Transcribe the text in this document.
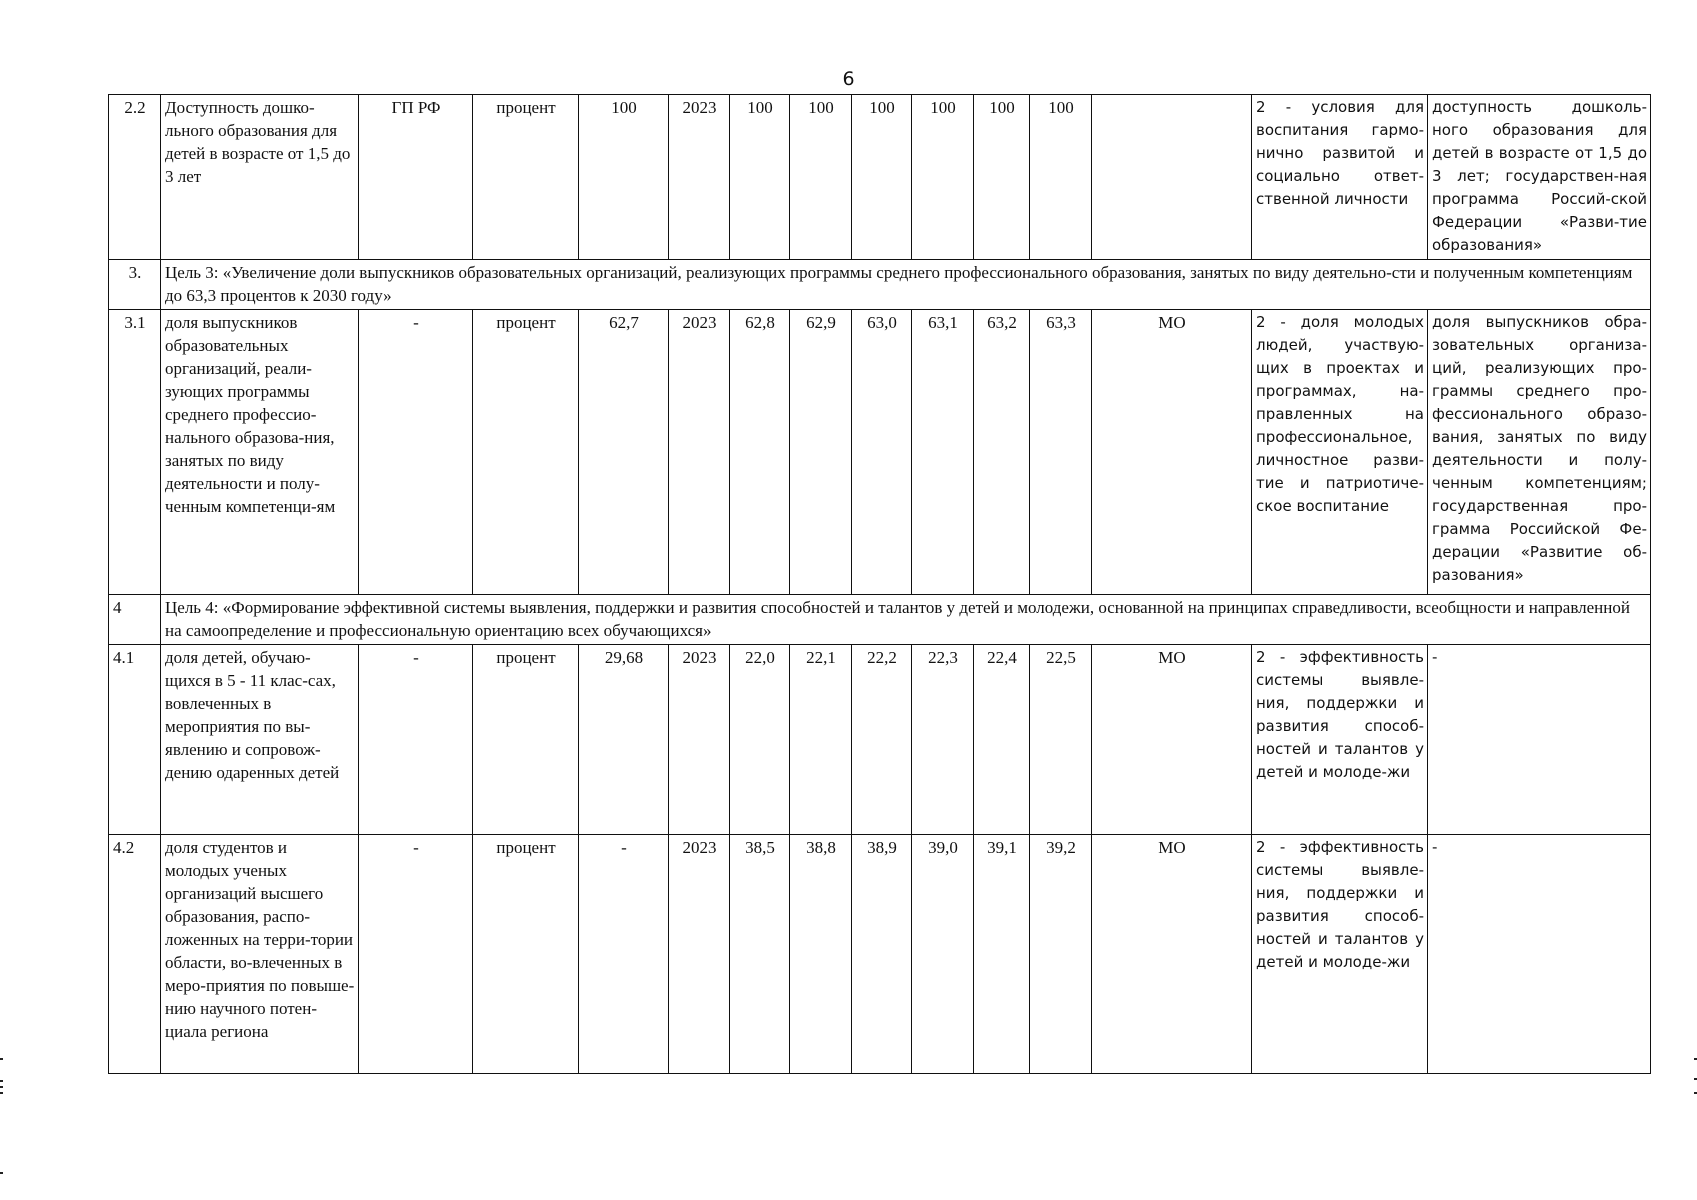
6
2.2	Доступность дошко-льного образования для детей в возрасте от 1,5 до 3 лет	ГП РФ	процент	100	2023	100	100	100	100	100	100		2 - условия для воспитания гармо-нично развитой и социально ответ-ственной личности	доступность дошколь-ного образования для детей в возрасте от 1,5 до 3 лет; государствен-ная программа Россий-ской Федерации «Разви-тие образования»
3.	Цель 3: «Увеличение доли выпускников образовательных организаций, реализующих программы среднего профессионального образования, занятых по виду деятельно-сти и полученным компетенциям до 63,3 процентов к 2030 году»													
3.1	доля выпускников образовательных организаций, реали-зующих программы среднего профессио-нального образова-ния, занятых по виду деятельности и полу-ченным компетенци-ям	-	процент	62,7	2023	62,8	62,9	63,0	63,1	63,2	63,3	МО	2 - доля молодых людей, участвую-щих в проектах и программах, на-правленных на профессиональное, личностное разви-тие и патриотиче-ское воспитание	доля выпускников обра-зовательных организа-ций, реализующих про-граммы среднего про-фессионального образо-вания, занятых по виду деятельности и полу-ченным компетенциям; государственная про-грамма Российской Фе-дерации «Развитие об-разования»
4	Цель 4: «Формирование эффективной системы выявления, поддержки и развития способностей и талантов у детей и молодежи, основанной на принципах справедливости, всеобщности и направленной на самоопределение и профессиональную ориентацию всех обучающихся»													
4.1	доля детей, обучаю-щихся в 5 - 11 клас-сах, вовлеченных в мероприятия по вы-явлению и сопровож-дению одаренных детей	-	процент	29,68	2023	22,0	22,1	22,2	22,3	22,4	22,5	МО	2 - эффективность системы выявле-ния, поддержки и развития способ-ностей и талантов у детей и молоде-жи	-
4.2	доля студентов и молодых ученых организаций высшего образования, распо-ложенных на терри-тории области, во-влеченных в меро-приятия по повыше-нию научного потен-циала региона	-	процент	-	2023	38,5	38,8	38,9	39,0	39,1	39,2	МО	2 - эффективность системы выявле-ния, поддержки и развития способ-ностей и талантов у детей и молоде-жи	-
